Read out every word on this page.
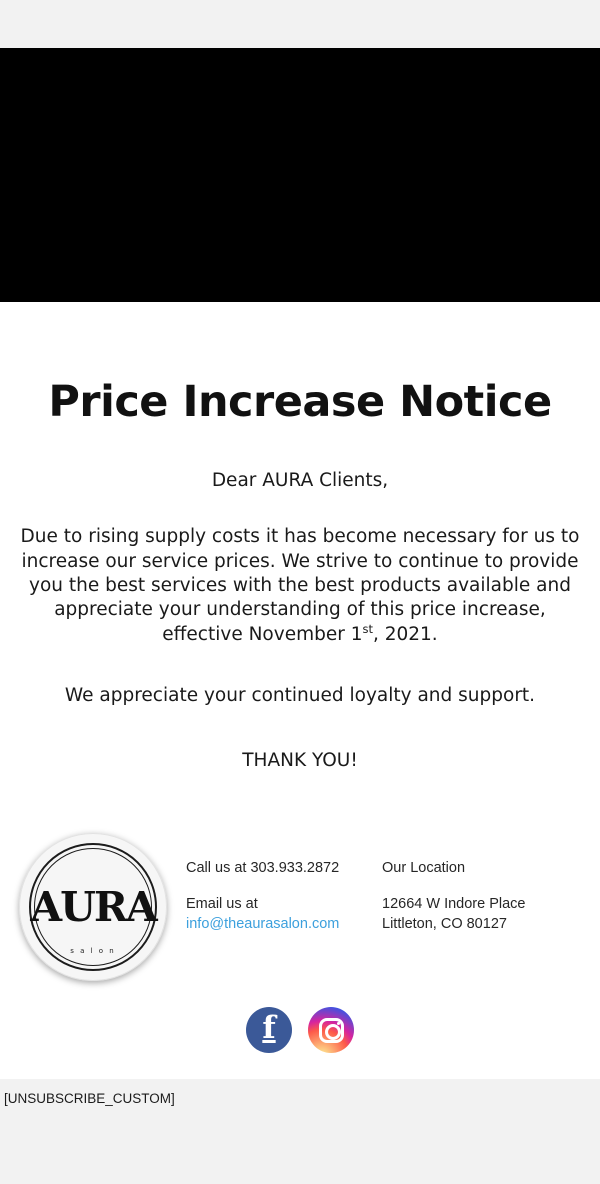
Price Increase Notice
Dear AURA Clients,
Due to rising supply costs it has become necessary for us to increase our service prices. We strive to continue to provide you the best services with the best products available and appreciate your understanding of this price increase, effective November 1st, 2021.
We appreciate your continued loyalty and support.
THANK YOU!
AURA
s a l o n
Call us at 303.933.2872
Email us at
info@theaurasalon.com
Our Location
12664 W Indore Place
Littleton, CO 80127
f
[UNSUBSCRIBE_CUSTOM]
